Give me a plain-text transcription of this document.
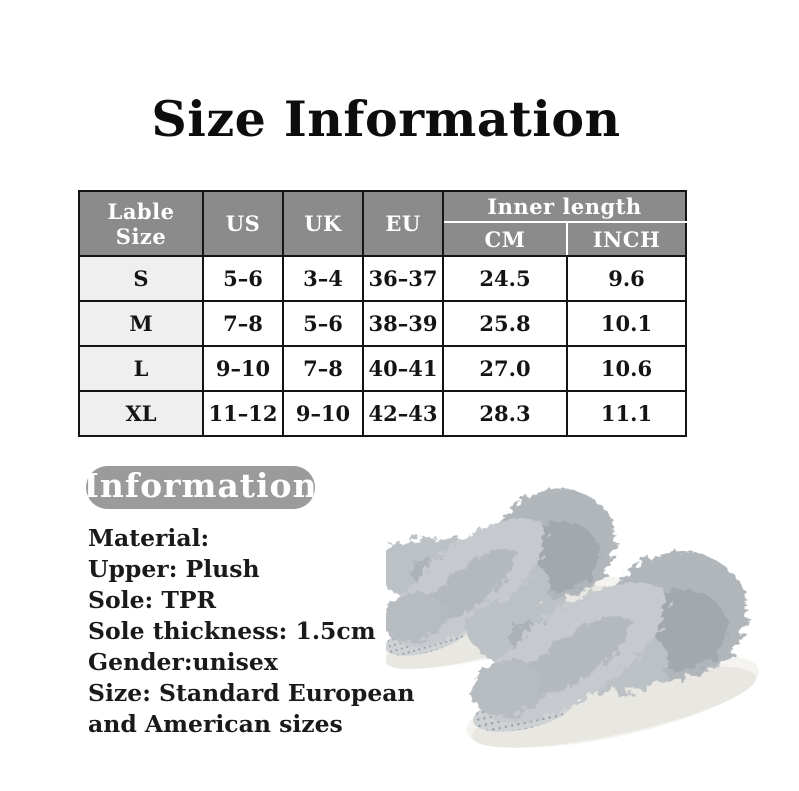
Size Information
Lable Size	US	UK	EU	Inner length	
				CM	INCH
S	5–6	3–4	36–37	24.5	9.6
M	7–8	5–6	38–39	25.8	10.1
L	9–10	7–8	40–41	27.0	10.6
XL	11–12	9–10	42–43	28.3	11.1
Information
Material:
Upper: Plush
Sole: TPR
Sole thickness: 1.5cm
Gender:unisex
Size: Standard European
and American sizes
